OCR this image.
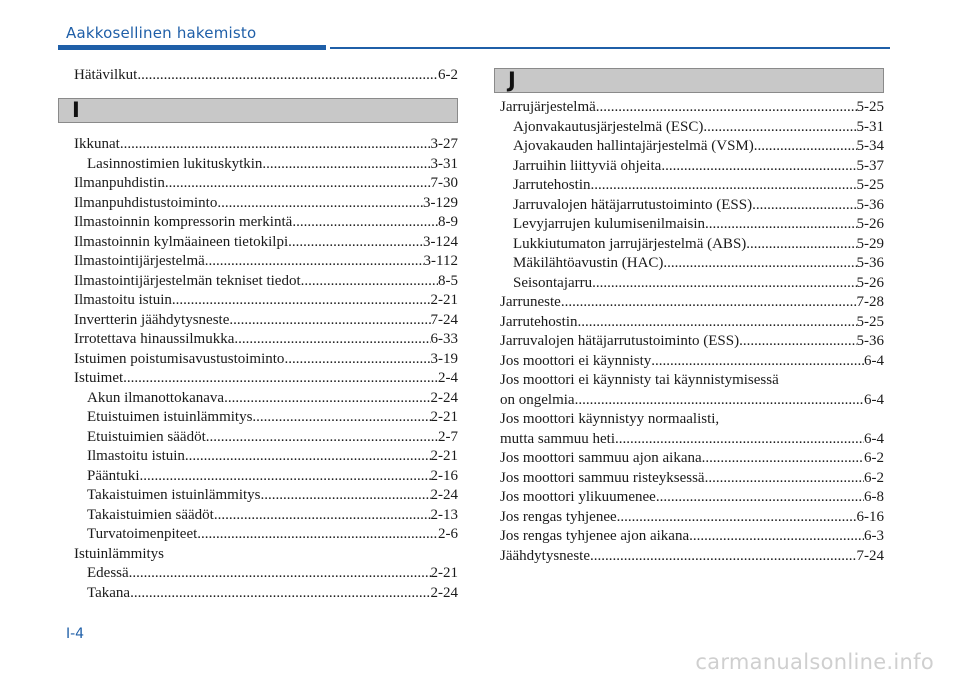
Aakkosellinen hakemisto
Hätävilkut .....	6-2
I
Ikkunat .....	3-27
Lasinnostimien lukituskytkin .....	3-31
Ilmanpuhdistin .....	7-30
Ilmanpuhdistustoiminto .....	3-129
Ilmastoinnin kompressorin merkintä .....	8-9
Ilmastoinnin kylmäaineen tietokilpi .....	3-124
Ilmastointijärjestelmä .....	3-112
Ilmastointijärjestelmän tekniset tiedot .....	8-5
Ilmastoitu istuin .....	2-21
Invertterin jäähdytysneste .....	7-24
Irrotettava hinaussilmukka .....	6-33
Istuimen poistumisavustustoiminto .....	3-19
Istuimet .....	2-4
Akun ilmanottokanava .....	2-24
Etuistuimen istuinlämmitys .....	2-21
Etuistuimien säädöt .....	2-7
Ilmastoitu istuin .....	2-21
Pääntuki .....	2-16
Takaistuimen istuinlämmitys .....	2-24
Takaistuimien säädöt .....	2-13
Turvatoimenpiteet .....	2-6
Istuinlämmitys
Edessä .....	2-21
Takana .....	2-24
J
Jarrujärjestelmä .....	5-25
Ajonvakautusjärjestelmä (ESC) .....	5-31
Ajovakauden hallintajärjestelmä (VSM) .....	5-34
Jarruihin liittyviä ohjeita .....	5-37
Jarrutehostin .....	5-25
Jarruvalojen hätäjarrutustoiminto (ESS) .....	5-36
Levyjarrujen kulumisenilmaisin .....	5-26
Lukkiutumaton jarrujärjestelmä (ABS) .....	5-29
Mäkilähtöavustin (HAC) .....	5-36
Seisontajarru .....	5-26
Jarruneste .....	7-28
Jarrutehostin .....	5-25
Jarruvalojen hätäjarrutustoiminto (ESS) .....	5-36
Jos moottori ei käynnisty .....	6-4
Jos moottori ei käynnisty tai käynnistymisessä
on ongelmia .....	6-4
Jos moottori käynnistyy normaalisti,
mutta sammuu heti .....	6-4
Jos moottori sammuu ajon aikana .....	6-2
Jos moottori sammuu risteyksessä .....	6-2
Jos moottori ylikuumenee .....	6-8
Jos rengas tyhjenee .....	6-16
Jos rengas tyhjenee ajon aikana .....	6-3
Jäähdytysneste .....	7-24
I-4
carmanualsonline.info
